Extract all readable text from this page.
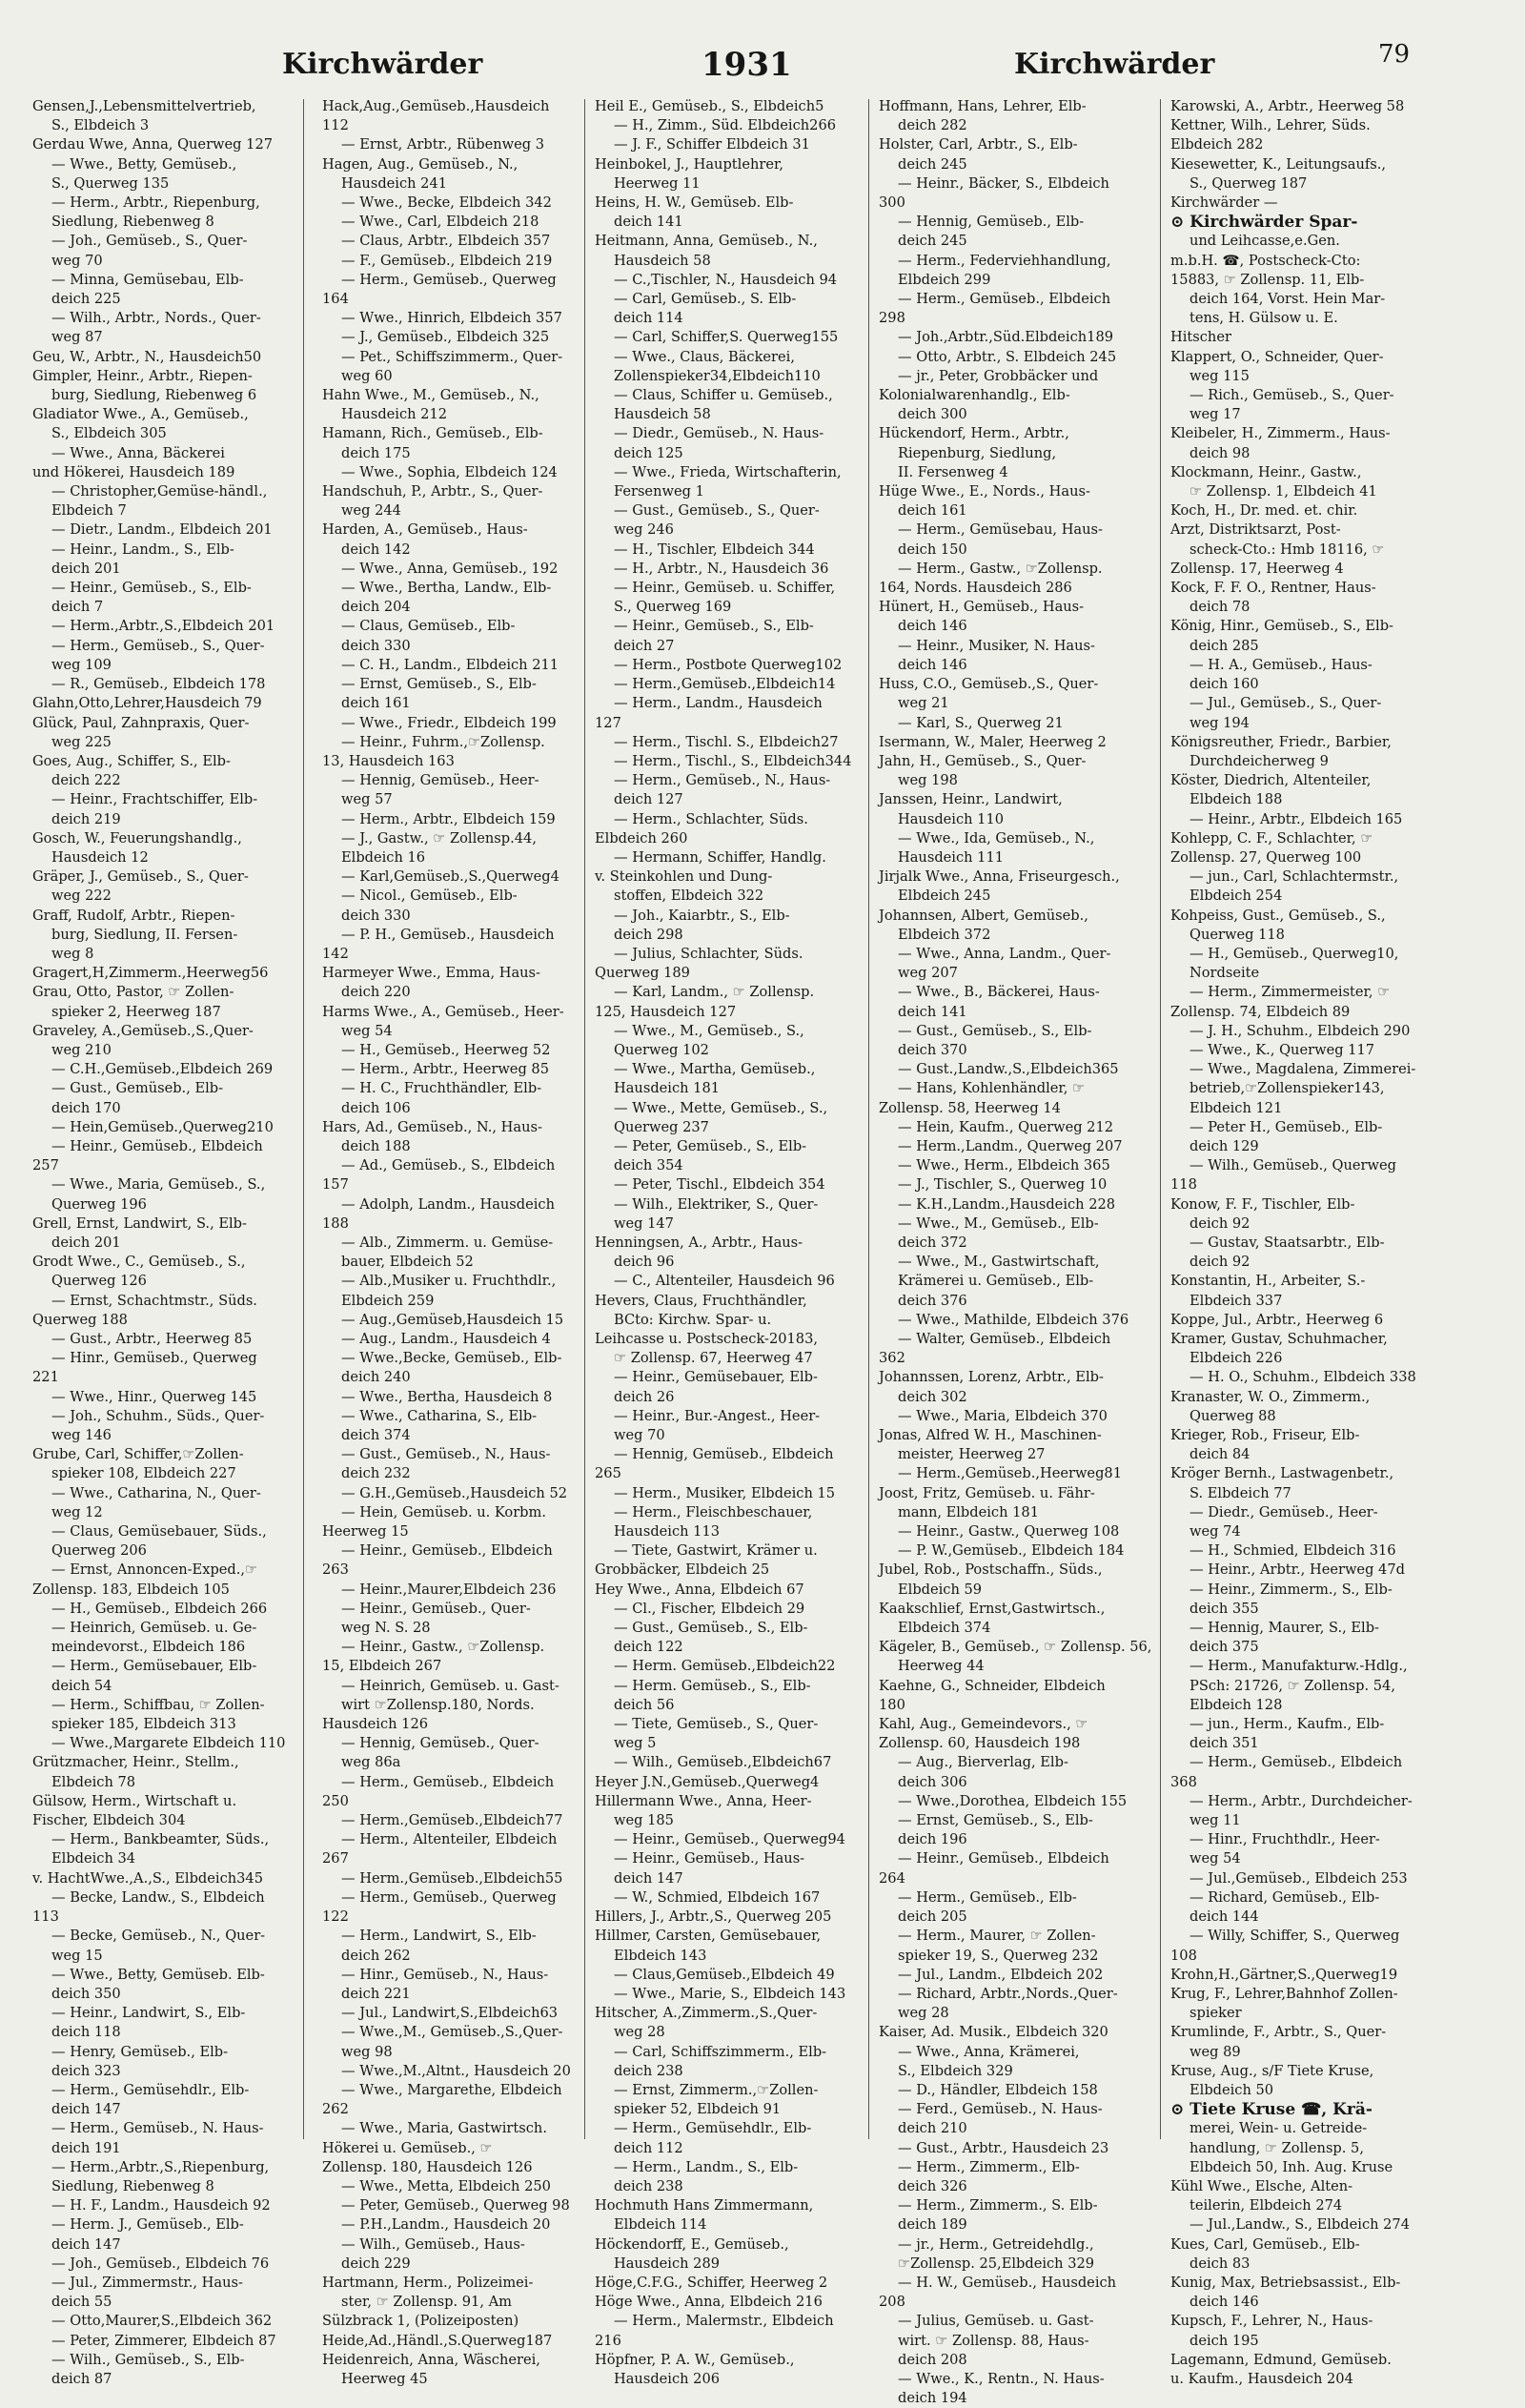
Kirchwärder	1931	Kirchwärder	79
Gensen,J.,Lebensmittelvertrieb,
S., Elbdeich 3
Gerdau Wwe, Anna, Querweg 127
— Wwe., Betty, Gemüseb.,
S., Querweg 135
— Herm., Arbtr., Riepenburg,
Siedlung, Riebenweg 8
— Joh., Gemüseb., S., Quer-
weg 70
— Minna, Gemüsebau, Elb-
deich 225
— Wilh., Arbtr., Nords., Quer-
weg 87
Geu, W., Arbtr., N., Hausdeich50
Gimpler, Heinr., Arbtr., Riepen-
burg, Siedlung, Riebenweg 6
Gladiator Wwe., A., Gemüseb.,
S., Elbdeich 305
— Wwe., Anna, Bäckerei
und Hökerei, Hausdeich 189
— Christopher,Gemüse-händl.,
Elbdeich 7
— Dietr., Landm., Elbdeich 201
— Heinr., Landm., S., Elb-
deich 201
— Heinr., Gemüseb., S., Elb-
deich 7
— Herm.,Arbtr.,S.,Elbdeich 201
— Herm., Gemüseb., S., Quer-
weg 109
— R., Gemüseb., Elbdeich 178
Glahn,Otto,Lehrer,Hausdeich 79
Glück, Paul, Zahnpraxis, Quer-
weg 225
Goes, Aug., Schiffer, S., Elb-
deich 222
— Heinr., Frachtschiffer, Elb-
deich 219
Gosch, W., Feuerungshandlg.,
Hausdeich 12
Gräper, J., Gemüseb., S., Quer-
weg 222
Graff, Rudolf, Arbtr., Riepen-
burg, Siedlung, II. Fersen-
weg 8
Gragert,H,Zimmerm.,Heerweg56
Grau, Otto, Pastor, ☞ Zollen-
spieker 2, Heerweg 187
Graveley, A.,Gemüseb.,S.,Quer-
weg 210
— C.H.,Gemüseb.,Elbdeich 269
— Gust., Gemüseb., Elb-
deich 170
— Hein,Gemüseb.,Querweg210
— Heinr., Gemüseb., Elbdeich
257
— Wwe., Maria, Gemüseb., S.,
Querweg 196
Grell, Ernst, Landwirt, S., Elb-
deich 201
Grodt Wwe., C., Gemüseb., S.,
Querweg 126
— Ernst, Schachtmstr., Süds.
Querweg 188
— Gust., Arbtr., Heerweg 85
— Hinr., Gemüseb., Querweg
221
— Wwe., Hinr., Querweg 145
— Joh., Schuhm., Süds., Quer-
weg 146
Grube, Carl, Schiffer,☞Zollen-
spieker 108, Elbdeich 227
— Wwe., Catharina, N., Quer-
weg 12
— Claus, Gemüsebauer, Süds.,
Querweg 206
— Ernst, Annoncen-Exped.,☞
Zollensp. 183, Elbdeich 105
— H., Gemüseb., Elbdeich 266
— Heinrich, Gemüseb. u. Ge-
meindevorst., Elbdeich 186
— Herm., Gemüsebauer, Elb-
deich 54
— Herm., Schiffbau, ☞ Zollen-
spieker 185, Elbdeich 313
— Wwe.,Margarete Elbdeich 110
Grützmacher, Heinr., Stellm.,
Elbdeich 78
Gülsow, Herm., Wirtschaft u.
Fischer, Elbdeich 304
— Herm., Bankbeamter, Süds.,
Elbdeich 34
v. HachtWwe.,A.,S., Elbdeich345
— Becke, Landw., S., Elbdeich
113
— Becke, Gemüseb., N., Quer-
weg 15
— Wwe., Betty, Gemüseb. Elb-
deich 350
— Heinr., Landwirt, S., Elb-
deich 118
— Henry, Gemüseb., Elb-
deich 323
— Herm., Gemüsehdlr., Elb-
deich 147
— Herm., Gemüseb., N. Haus-
deich 191
— Herm.,Arbtr.,S.,Riepenburg,
Siedlung, Riebenweg 8
— H. F., Landm., Hausdeich 92
— Herm. J., Gemüseb., Elb-
deich 147
— Joh., Gemüseb., Elbdeich 76
— Jul., Zimmermstr., Haus-
deich 55
— Otto,Maurer,S.,Elbdeich 362
— Peter, Zimmerer, Elbdeich 87
— Wilh., Gemüseb., S., Elb-
deich 87
Hack,Aug.,Gemüseb.,Hausdeich
112
— Ernst, Arbtr., Rübenweg 3
Hagen, Aug., Gemüseb., N.,
Hausdeich 241
— Wwe., Becke, Elbdeich 342
— Wwe., Carl, Elbdeich 218
— Claus, Arbtr., Elbdeich 357
— F., Gemüseb., Elbdeich 219
— Herm., Gemüseb., Querweg
164
— Wwe., Hinrich, Elbdeich 357
— J., Gemüseb., Elbdeich 325
— Pet., Schiffszimmerm., Quer-
weg 60
Hahn Wwe., M., Gemüseb., N.,
Hausdeich 212
Hamann, Rich., Gemüseb., Elb-
deich 175
— Wwe., Sophia, Elbdeich 124
Handschuh, P., Arbtr., S., Quer-
weg 244
Harden, A., Gemüseb., Haus-
deich 142
— Wwe., Anna, Gemüseb., 192
— Wwe., Bertha, Landw., Elb-
deich 204
— Claus, Gemüseb., Elb-
deich 330
— C. H., Landm., Elbdeich 211
— Ernst, Gemüseb., S., Elb-
deich 161
— Wwe., Friedr., Elbdeich 199
— Heinr., Fuhrm.,☞Zollensp.
13, Hausdeich 163
— Hennig, Gemüseb., Heer-
weg 57
— Herm., Arbtr., Elbdeich 159
— J., Gastw., ☞ Zollensp.44,
Elbdeich 16
— Karl,Gemüseb.,S.,Querweg4
— Nicol., Gemüseb., Elb-
deich 330
— P. H., Gemüseb., Hausdeich
142
Harmeyer Wwe., Emma, Haus-
deich 220
Harms Wwe., A., Gemüseb., Heer-
weg 54
— H., Gemüseb., Heerweg 52
— Herm., Arbtr., Heerweg 85
— H. C., Fruchthändler, Elb-
deich 106
Hars, Ad., Gemüseb., N., Haus-
deich 188
— Ad., Gemüseb., S., Elbdeich
157
— Adolph, Landm., Hausdeich
188
— Alb., Zimmerm. u. Gemüse-
bauer, Elbdeich 52
— Alb.,Musiker u. Fruchthdlr.,
Elbdeich 259
— Aug.,Gemüseb,Hausdeich 15
— Aug., Landm., Hausdeich 4
— Wwe.,Becke, Gemüseb., Elb-
deich 240
— Wwe., Bertha, Hausdeich 8
— Wwe., Catharina, S., Elb-
deich 374
— Gust., Gemüseb., N., Haus-
deich 232
— G.H.,Gemüseb.,Hausdeich 52
— Hein, Gemüseb. u. Korbm.
Heerweg 15
— Heinr., Gemüseb., Elbdeich
263
— Heinr.,Maurer,Elbdeich 236
— Heinr., Gemüseb., Quer-
weg N. S. 28
— Heinr., Gastw., ☞Zollensp.
15, Elbdeich 267
— Heinrich, Gemüseb. u. Gast-
wirt ☞Zollensp.180, Nords.
Hausdeich 126
— Hennig, Gemüseb., Quer-
weg 86a
— Herm., Gemüseb., Elbdeich
250
— Herm.,Gemüseb.,Elbdeich77
— Herm., Altenteiler, Elbdeich
267
— Herm.,Gemüseb.,Elbdeich55
— Herm., Gemüseb., Querweg
122
— Herm., Landwirt, S., Elb-
deich 262
— Hinr., Gemüseb., N., Haus-
deich 221
— Jul., Landwirt,S.,Elbdeich63
— Wwe.,M., Gemüseb.,S.,Quer-
weg 98
— Wwe.,M.,Altnt., Hausdeich 20
— Wwe., Margarethe, Elbdeich
262
— Wwe., Maria, Gastwirtsch.
Hökerei u. Gemüseb., ☞
Zollensp. 180, Hausdeich 126
— Wwe., Metta, Elbdeich 250
— Peter, Gemüseb., Querweg 98
— P.H.,Landm., Hausdeich 20
— Wilh., Gemüseb., Haus-
deich 229
Hartmann, Herm., Polizeimei-
ster, ☞ Zollensp. 91, Am
Sülzbrack 1, (Polizeiposten)
Heide,Ad.,Händl.,S.Querweg187
Heidenreich, Anna, Wäscherei,
Heerweg 45
Heil E., Gemüseb., S., Elbdeich5
— H., Zimm., Süd. Elbdeich266
— J. F., Schiffer Elbdeich 31
Heinbokel, J., Hauptlehrer,
Heerweg 11
Heins, H. W., Gemüseb. Elb-
deich 141
Heitmann, Anna, Gemüseb., N.,
Hausdeich 58
— C.,Tischler, N., Hausdeich 94
— Carl, Gemüseb., S. Elb-
deich 114
— Carl, Schiffer,S. Querweg155
— Wwe., Claus, Bäckerei,
Zollenspieker34,Elbdeich110
— Claus, Schiffer u. Gemüseb.,
Hausdeich 58
— Diedr., Gemüseb., N. Haus-
deich 125
— Wwe., Frieda, Wirtschafterin,
Fersenweg 1
— Gust., Gemüseb., S., Quer-
weg 246
— H., Tischler, Elbdeich 344
— H., Arbtr., N., Hausdeich 36
— Heinr., Gemüseb. u. Schiffer,
S., Querweg 169
— Heinr., Gemüseb., S., Elb-
deich 27
— Herm., Postbote Querweg102
— Herm.,Gemüseb.,Elbdeich14
— Herm., Landm., Hausdeich
127
— Herm., Tischl. S., Elbdeich27
— Herm., Tischl., S., Elbdeich344
— Herm., Gemüseb., N., Haus-
deich 127
— Herm., Schlachter, Süds.
Elbdeich 260
— Hermann, Schiffer, Handlg.
v. Steinkohlen und Dung-
stoffen, Elbdeich 322
— Joh., Kaiarbtr., S., Elb-
deich 298
— Julius, Schlachter, Süds.
Querweg 189
— Karl, Landm., ☞ Zollensp.
125, Hausdeich 127
— Wwe., M., Gemüseb., S.,
Querweg 102
— Wwe., Martha, Gemüseb.,
Hausdeich 181
— Wwe., Mette, Gemüseb., S.,
Querweg 237
— Peter, Gemüseb., S., Elb-
deich 354
— Peter, Tischl., Elbdeich 354
— Wilh., Elektriker, S., Quer-
weg 147
Henningsen, A., Arbtr., Haus-
deich 96
— C., Altenteiler, Hausdeich 96
Hevers, Claus, Fruchthändler,
BCto: Kirchw. Spar- u.
Leihcasse u. Postscheck-20183,
☞ Zollensp. 67, Heerweg 47
— Heinr., Gemüsebauer, Elb-
deich 26
— Heinr., Bur.-Angest., Heer-
weg 70
— Hennig, Gemüseb., Elbdeich
265
— Herm., Musiker, Elbdeich 15
— Herm., Fleischbeschauer,
Hausdeich 113
— Tiete, Gastwirt, Krämer u.
Grobbäcker, Elbdeich 25
Hey Wwe., Anna, Elbdeich 67
— Cl., Fischer, Elbdeich 29
— Gust., Gemüseb., S., Elb-
deich 122
— Herm. Gemüseb.,Elbdeich22
— Herm. Gemüseb., S., Elb-
deich 56
— Tiete, Gemüseb., S., Quer-
weg 5
— Wilh., Gemüseb.,Elbdeich67
Heyer J.N.,Gemüseb.,Querweg4
Hillermann Wwe., Anna, Heer-
weg 185
— Heinr., Gemüseb., Querweg94
— Heinr., Gemüseb., Haus-
deich 147
— W., Schmied, Elbdeich 167
Hillers, J., Arbtr.,S., Querweg 205
Hillmer, Carsten, Gemüsebauer,
Elbdeich 143
— Claus,Gemüseb.,Elbdeich 49
— Wwe., Marie, S., Elbdeich 143
Hitscher, A.,Zimmerm.,S.,Quer-
weg 28
— Carl, Schiffszimmerm., Elb-
deich 238
— Ernst, Zimmerm.,☞Zollen-
spieker 52, Elbdeich 91
— Herm., Gemüsehdlr., Elb-
deich 112
— Herm., Landm., S., Elb-
deich 238
Hochmuth Hans Zimmermann,
Elbdeich 114
Höckendorff, E., Gemüseb.,
Hausdeich 289
Höge,C.F.G., Schiffer, Heerweg 2
Höge Wwe., Anna, Elbdeich 216
— Herm., Malermstr., Elbdeich
216
Höpfner, P. A. W., Gemüseb.,
Hausdeich 206
Hoffmann, Hans, Lehrer, Elb-
deich 282
Holster, Carl, Arbtr., S., Elb-
deich 245
— Heinr., Bäcker, S., Elbdeich
300
— Hennig, Gemüseb., Elb-
deich 245
— Herm., Federviehhandlung,
Elbdeich 299
— Herm., Gemüseb., Elbdeich
298
— Joh.,Arbtr.,Süd.Elbdeich189
— Otto, Arbtr., S. Elbdeich 245
— jr., Peter, Grobbäcker und
Kolonialwarenhandlg., Elb-
deich 300
Hückendorf, Herm., Arbtr.,
Riepenburg, Siedlung,
II. Fersenweg 4
Hüge Wwe., E., Nords., Haus-
deich 161
— Herm., Gemüsebau, Haus-
deich 150
— Herm., Gastw., ☞Zollensp.
164, Nords. Hausdeich 286
Hünert, H., Gemüseb., Haus-
deich 146
— Heinr., Musiker, N. Haus-
deich 146
Huss, C.O., Gemüseb.,S., Quer-
weg 21
— Karl, S., Querweg 21
Isermann, W., Maler, Heerweg 2
Jahn, H., Gemüseb., S., Quer-
weg 198
Janssen, Heinr., Landwirt,
Hausdeich 110
— Wwe., Ida, Gemüseb., N.,
Hausdeich 111
Jirjalk Wwe., Anna, Friseurgesch.,
Elbdeich 245
Johannsen, Albert, Gemüseb.,
Elbdeich 372
— Wwe., Anna, Landm., Quer-
weg 207
— Wwe., B., Bäckerei, Haus-
deich 141
— Gust., Gemüseb., S., Elb-
deich 370
— Gust.,Landw.,S.,Elbdeich365
— Hans, Kohlenhändler, ☞
Zollensp. 58, Heerweg 14
— Hein, Kaufm., Querweg 212
— Herm.,Landm., Querweg 207
— Wwe., Herm., Elbdeich 365
— J., Tischler, S., Querweg 10
— K.H.,Landm.,Hausdeich 228
— Wwe., M., Gemüseb., Elb-
deich 372
— Wwe., M., Gastwirtschaft,
Krämerei u. Gemüseb., Elb-
deich 376
— Wwe., Mathilde, Elbdeich 376
— Walter, Gemüseb., Elbdeich
362
Johannssen, Lorenz, Arbtr., Elb-
deich 302
— Wwe., Maria, Elbdeich 370
Jonas, Alfred W. H., Maschinen-
meister, Heerweg 27
— Herm.,Gemüseb.,Heerweg81
Joost, Fritz, Gemüseb. u. Fähr-
mann, Elbdeich 181
— Heinr., Gastw., Querweg 108
— P. W.,Gemüseb., Elbdeich 184
Jubel, Rob., Postschaffn., Süds.,
Elbdeich 59
Kaakschlief, Ernst,Gastwirtsch.,
Elbdeich 374
Kägeler, B., Gemüseb., ☞ Zollensp. 56,
Heerweg 44
Kaehne, G., Schneider, Elbdeich
180
Kahl, Aug., Gemeindevors., ☞
Zollensp. 60, Hausdeich 198
— Aug., Bierverlag, Elb-
deich 306
— Wwe.,Dorothea, Elbdeich 155
— Ernst, Gemüseb., S., Elb-
deich 196
— Heinr., Gemüseb., Elbdeich
264
— Herm., Gemüseb., Elb-
deich 205
— Herm., Maurer, ☞ Zollen-
spieker 19, S., Querweg 232
— Jul., Landm., Elbdeich 202
— Richard, Arbtr.,Nords.,Quer-
weg 28
Kaiser, Ad. Musik., Elbdeich 320
— Wwe., Anna, Krämerei,
S., Elbdeich 329
— D., Händler, Elbdeich 158
— Ferd., Gemüseb., N. Haus-
deich 210
— Gust., Arbtr., Hausdeich 23
— Herm., Zimmerm., Elb-
deich 326
— Herm., Zimmerm., S. Elb-
deich 189
— jr., Herm., Getreidehdlg.,
☞Zollensp. 25,Elbdeich 329
— H. W., Gemüseb., Hausdeich
208
— Julius, Gemüseb. u. Gast-
wirt. ☞ Zollensp. 88, Haus-
deich 208
— Wwe., K., Rentn., N. Haus-
deich 194
Karowski, A., Arbtr., Heerweg 58
Kettner, Wilh., Lehrer, Süds.
Elbdeich 282
Kiesewetter, K., Leitungsaufs.,
S., Querweg 187
Kirchwärder —
⊙ Kirchwärder Spar-
und Leihcasse,e.Gen.
m.b.H. ☎, Postscheck-Cto:
15883, ☞ Zollensp. 11, Elb-
deich 164, Vorst. Hein Mar-
tens, H. Gülsow u. E.
Hitscher
Klappert, O., Schneider, Quer-
weg 115
— Rich., Gemüseb., S., Quer-
weg 17
Kleibeler, H., Zimmerm., Haus-
deich 98
Klockmann, Heinr., Gastw.,
☞ Zollensp. 1, Elbdeich 41
Koch, H., Dr. med. et. chir.
Arzt, Distriktsarzt, Post-
scheck-Cto.: Hmb 18116, ☞
Zollensp. 17, Heerweg 4
Kock, F. F. O., Rentner, Haus-
deich 78
König, Hinr., Gemüseb., S., Elb-
deich 285
— H. A., Gemüseb., Haus-
deich 160
— Jul., Gemüseb., S., Quer-
weg 194
Königsreuther, Friedr., Barbier,
Durchdeicherweg 9
Köster, Diedrich, Altenteiler,
Elbdeich 188
— Heinr., Arbtr., Elbdeich 165
Kohlepp, C. F., Schlachter, ☞
Zollensp. 27, Querweg 100
— jun., Carl, Schlachtermstr.,
Elbdeich 254
Kohpeiss, Gust., Gemüseb., S.,
Querweg 118
— H., Gemüseb., Querweg10,
Nordseite
— Herm., Zimmermeister, ☞
Zollensp. 74, Elbdeich 89
— J. H., Schuhm., Elbdeich 290
— Wwe., K., Querweg 117
— Wwe., Magdalena, Zimmerei-
betrieb,☞Zollenspieker143,
Elbdeich 121
— Peter H., Gemüseb., Elb-
deich 129
— Wilh., Gemüseb., Querweg
118
Konow, F. F., Tischler, Elb-
deich 92
— Gustav, Staatsarbtr., Elb-
deich 92
Konstantin, H., Arbeiter, S.-
Elbdeich 337
Koppe, Jul., Arbtr., Heerweg 6
Kramer, Gustav, Schuhmacher,
Elbdeich 226
— H. O., Schuhm., Elbdeich 338
Kranaster, W. O., Zimmerm.,
Querweg 88
Krieger, Rob., Friseur, Elb-
deich 84
Kröger Bernh., Lastwagenbetr.,
S. Elbdeich 77
— Diedr., Gemüseb., Heer-
weg 74
— H., Schmied, Elbdeich 316
— Heinr., Arbtr., Heerweg 47d
— Heinr., Zimmerm., S., Elb-
deich 355
— Hennig, Maurer, S., Elb-
deich 375
— Herm., Manufakturw.-Hdlg.,
PSch: 21726, ☞ Zollensp. 54,
Elbdeich 128
— jun., Herm., Kaufm., Elb-
deich 351
— Herm., Gemüseb., Elbdeich
368
— Herm., Arbtr., Durchdeicher-
weg 11
— Hinr., Fruchthdlr., Heer-
weg 54
— Jul.,Gemüseb., Elbdeich 253
— Richard, Gemüseb., Elb-
deich 144
— Willy, Schiffer, S., Querweg
108
Krohn,H.,Gärtner,S.,Querweg19
Krug, F., Lehrer,Bahnhof Zollen-
spieker
Krumlinde, F., Arbtr., S., Quer-
weg 89
Kruse, Aug., s/F Tiete Kruse,
Elbdeich 50
⊙ Tiete Kruse ☎, Krä-
merei, Wein- u. Getreide-
handlung, ☞ Zollensp. 5,
Elbdeich 50, Inh. Aug. Kruse
Kühl Wwe., Elsche, Alten-
teilerin, Elbdeich 274
— Jul.,Landw., S., Elbdeich 274
Kues, Carl, Gemüseb., Elb-
deich 83
Kunig, Max, Betriebsassist., Elb-
deich 146
Kupsch, F., Lehrer, N., Haus-
deich 195
Lagemann, Edmund, Gemüseb.
u. Kaufm., Hausdeich 204
